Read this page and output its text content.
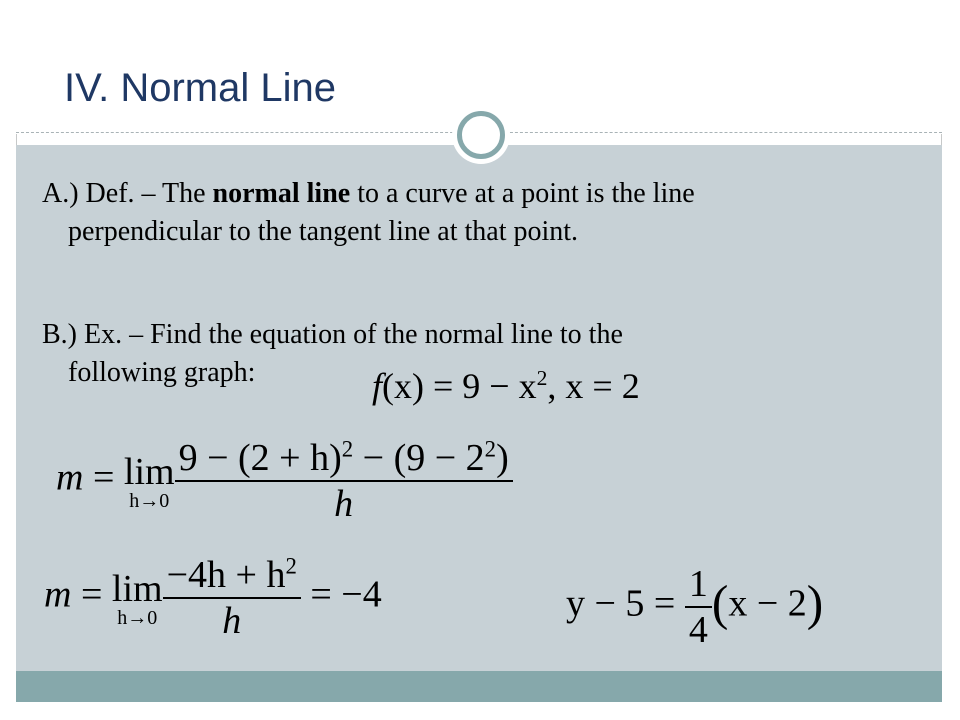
IV. Normal Line
A.) Def. – The normal line to a curve at a point is the line
perpendicular to the tangent line at that point.
B.) Ex. – Find the equation of the normal line to the
following graph:	$f(x) = 9 - x^2$, x = 2
m = lim
$h\to 0 \frac{9 - (2 + h)^2 - (9 - 2^2)}{h}$
m = lim
$h\to 0 \frac{-4h + h^2}{h} = -4$	$y - 5 = \frac{1}{4} (x - 2)$
